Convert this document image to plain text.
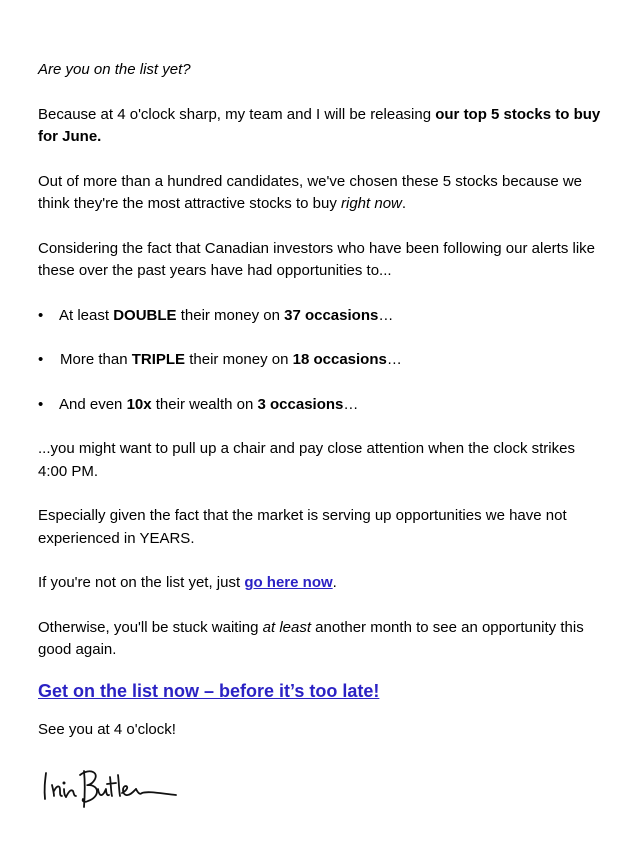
Are you on the list yet?

Because at 4 o'clock sharp, my team and I will be releasing our top 5 stocks to buy for June.

Out of more than a hundred candidates, we've chosen these 5 stocks because we think they're the most attractive stocks to buy right now.

Considering the fact that Canadian investors who have been following our alerts like these over the past years have had opportunities to...

• At least DOUBLE their money on 37 occasions…
• More than TRIPLE their money on 18 occasions…
• And even 10x their wealth on 3 occasions…

...you might want to pull up a chair and pay close attention when the clock strikes 4:00 PM.

Especially given the fact that the market is serving up opportunities we have not experienced in YEARS.

If you're not on the list yet, just go here now.

Otherwise, you'll be stuck waiting at least another month to see an opportunity this good again.

Get on the list now – before it’s too late!

See you at 4 o'clock!
